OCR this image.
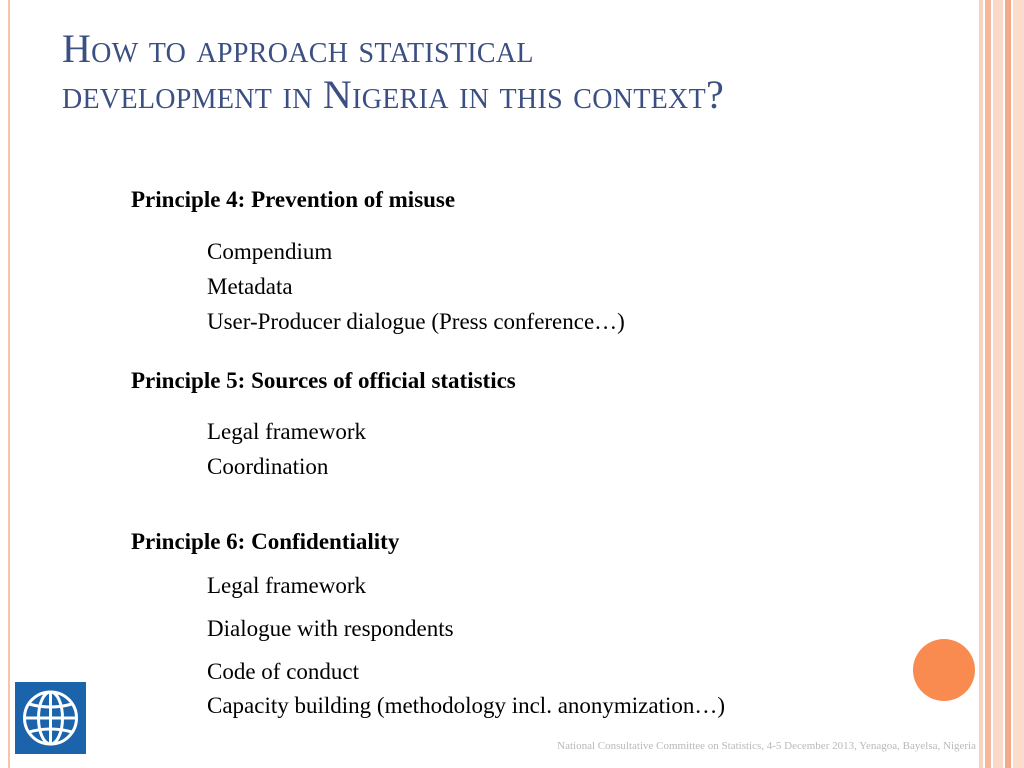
How to approach statistical
development in Nigeria in this context?
Principle 4: Prevention of misuse
Compendium
Metadata
User-Producer dialogue (Press conference…)
Principle 5: Sources of official statistics
Legal framework
Coordination
Principle 6: Confidentiality
Legal framework
Dialogue with respondents
Code of conduct
Capacity building (methodology incl. anonymization…)
National Consultative Committee on Statistics, 4-5 December 2013, Yenagoa, Bayelsa, Nigeria
